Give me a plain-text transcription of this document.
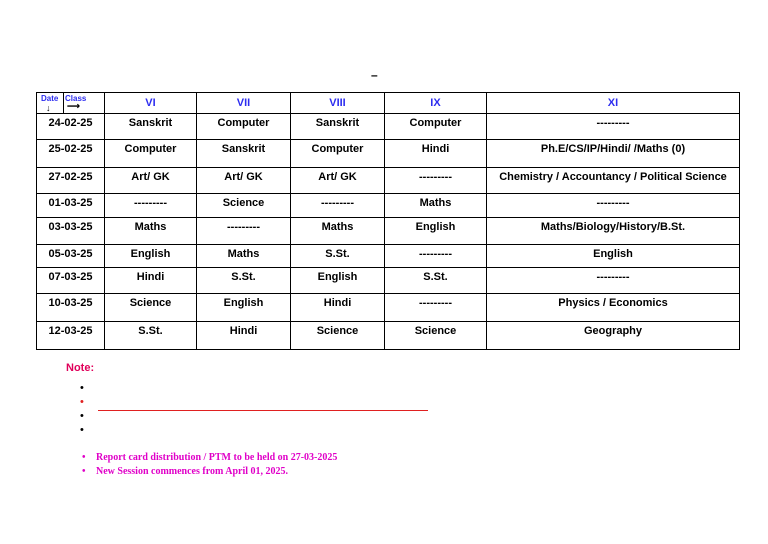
–
Date Class
↓ ⟶	VI	VII	VIII	IX	XI

24-02-25	Sanskrit	Computer	Sanskrit	Computer	---------

25-02-25	Computer	Sanskrit	Computer	Hindi	Ph.E/CS/IP/Hindi/ /Maths (0)

27-02-25	Art/ GK	Art/ GK	Art/ GK	---------	Chemistry / Accountancy / Political Science

01-03-25	---------	Science	---------	Maths	---------

03-03-25	Maths	---------	Maths	English	Maths/Biology/History/B.St.

05-03-25	English	Maths	S.St.	---------	English

07-03-25	Hindi	S.St.	English	S.St.	---------

10-03-25	Science	English	Hindi	---------	Physics / Economics

12-03-25	S.St.	Hindi	Science	Science	Geography
Note:
•
•
•
•
• Report card distribution / PTM to be held on 27-03-2025
• New Session commences from April 01, 2025.
